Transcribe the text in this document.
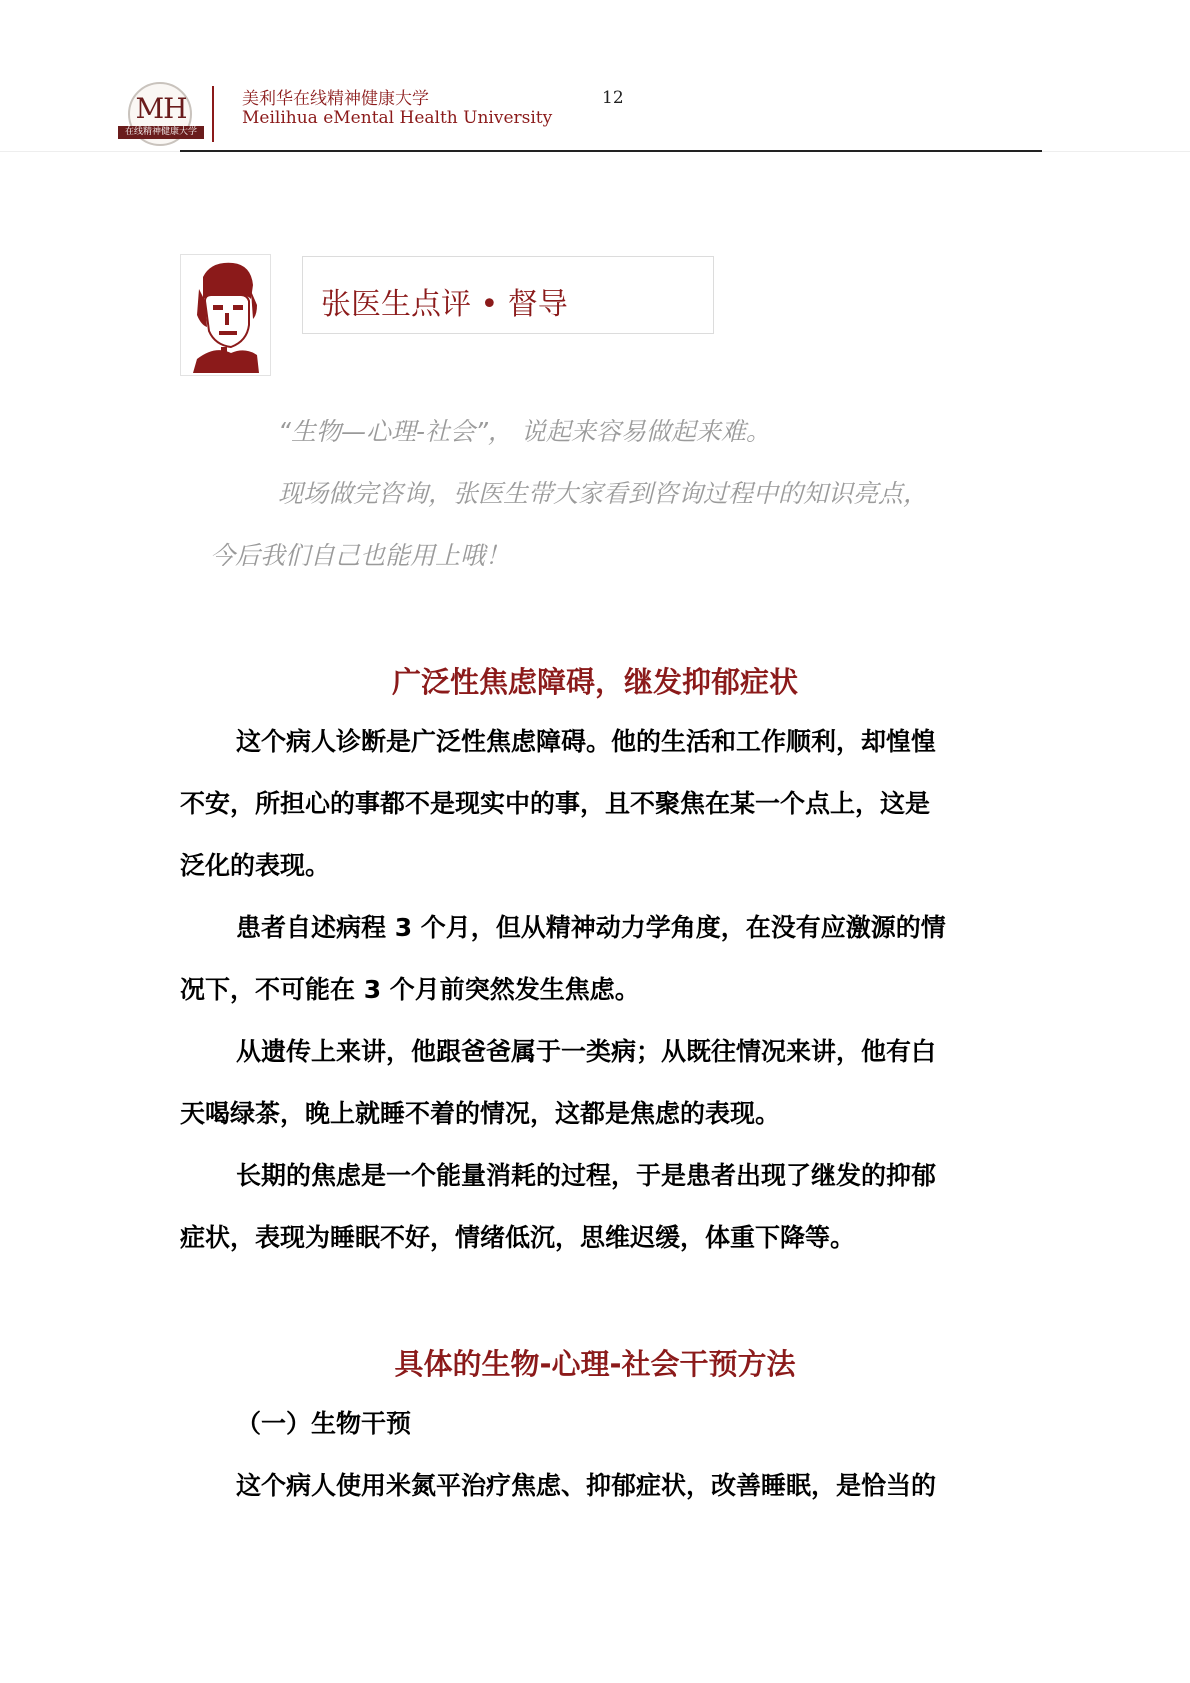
MH
在线精神健康大学
美利华在线精神健康大学
Meilihua eMental Health University
12
张医生点评 • 督导
“生物—心理-社会”， 说起来容易做起来难。
现场做完咨询，张医生带大家看到咨询过程中的知识亮点，
今后我们自己也能用上哦！
广泛性焦虑障碍，继发抑郁症状
这个病人诊断是广泛性焦虑障碍。他的生活和工作顺利，却惶惶
不安，所担心的事都不是现实中的事，且不聚焦在某一个点上，这是
泛化的表现。
患者自述病程 3 个月，但从精神动力学角度，在没有应激源的情
况下，不可能在 3 个月前突然发生焦虑。
从遗传上来讲，他跟爸爸属于一类病；从既往情况来讲，他有白
天喝绿茶，晚上就睡不着的情况，这都是焦虑的表现。
长期的焦虑是一个能量消耗的过程，于是患者出现了继发的抑郁
症状，表现为睡眠不好，情绪低沉，思维迟缓，体重下降等。
具体的生物-心理-社会干预方法
（一）生物干预
这个病人使用米氮平治疗焦虑、抑郁症状，改善睡眠，是恰当的
